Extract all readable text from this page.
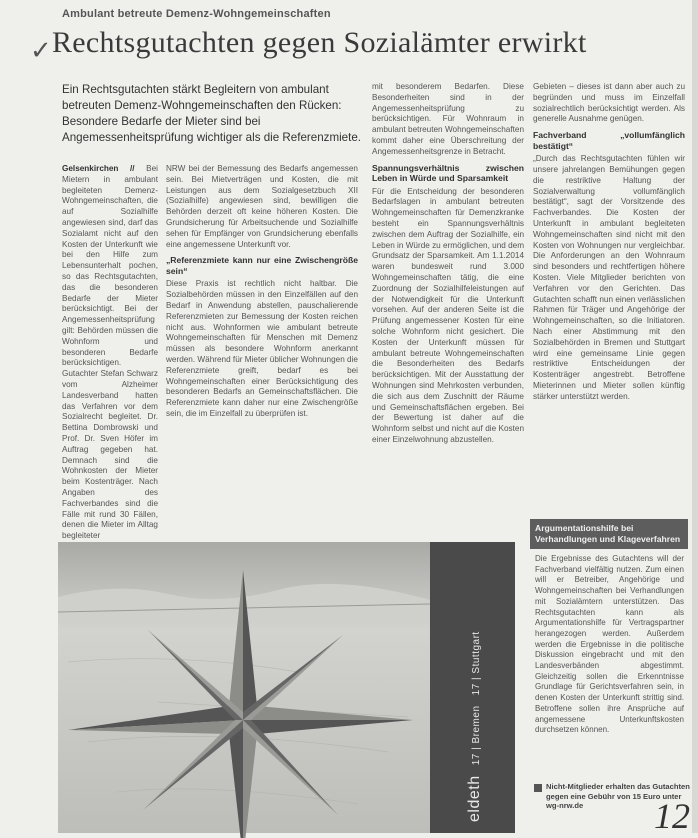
Ambulant betreute Demenz-Wohngemeinschaften
✓ Rechtsgutachten gegen Sozialämter erwirkt

Ein Rechtsgutachten stärkt Begleitern von ambulant betreuten Demenz-Wohngemeinschaften den Rücken: Besondere Bedarfe der Mieter sind bei Angemessenheitsprüfung wichtiger als die Referenzmiete.

Gelsenkirchen // Bei Mietern in ambulant begleiteten Demenz-Wohngemeinschaften, die auf Sozialhilfe angewiesen sind, darf das Sozialamt nicht auf den Kosten der Unterkunft wie bei den Hilfe zum Lebensunterhalt pochen, so das Rechtsgutachten, das die besonderen Bedarfe der Mieter berücksichtigt. Bei der Angemessenheitsprüfung gilt: Behörden müssen die Wohnform und besonderen Bedarfe berücksichtigen. Gutachter Stefan Schwarz vom Alzheimer Landesverband hatten das Verfahren vor dem Sozialrecht begleitet. Dr. Bettina Dombrowski und Prof. Dr. Sven Höfer im Auftrag gegeben hat. Demnach sind die Wohnkosten der Mieter beim Kostenträger. Nach Angaben des Fachverbandes sind die Fälle mit rund 30 Fällen, denen die Mieter im Alltag begleiteter

NRW bei der Bemessung des Bedarfs angemessen sein. Bei Mietverträgen und Kosten, die mit Leistungen aus dem Sozialgesetzbuch XII (Sozialhilfe) angewiesen sind, bewilligen die Behörden derzeit oft keine höheren Kosten. Die Grundsicherung für Arbeitsuchende und Sozialhilfe sehen für Empfänger von Grundsicherung ebenfalls eine angemessene Unterkunft vor.

„Referenzmiete kann nur eine Zwischengröße sein“

Diese Praxis ist rechtlich nicht haltbar. Die Sozialbehörden müssen in den Einzelfällen auf den Bedarf in Anwendung abstellen, pauschalierende Referenzmieten zur Bemessung der Kosten reichen nicht aus. Wohnformen wie ambulant betreute Wohngemeinschaften für Menschen mit Demenz müssen als besondere Wohnform anerkannt werden. Während für Mieter üblicher Wohnungen die Referenzmiete greift, bedarf es bei Wohngemeinschaften einer Berücksichtigung des besonderen Bedarfs an Gemeinschaftsflächen. Die Referenzmiete kann daher nur eine Zwischengröße sein, die im Einzelfall zu überprüfen ist.

mit besonderem Bedarfen. Diese Besonderheiten sind in der Angemessenheitsprüfung zu berücksichtigen. Für Wohnraum in ambulant betreuten Wohngemeinschaften kommt daher eine Überschreitung der Angemessenheitsgrenze in Betracht.

Spannungsverhältnis zwischen Leben in Würde und Sparsamkeit

Für die Entscheidung der besonderen Bedarfslagen in ambulant betreuten Wohngemeinschaften für Demenzkranke besteht ein Spannungsverhältnis zwischen dem Auftrag der Sozialhilfe, ein Leben in Würde zu ermöglichen, und dem Grundsatz der Sparsamkeit. Am 1.1.2014 waren bundesweit rund 3.000 Wohngemeinschaften tätig, die eine Zuordnung der Sozialhilfeleistungen auf der Notwendigkeit für die Unterkunft vorsehen. Auf der anderen Seite ist die Prüfung angemessener Kosten für eine solche Wohnform nicht gesichert. Die Kosten der Unterkunft müssen für ambulant betreute Wohngemeinschaften die Besonderheiten des Bedarfs berücksichtigen. Mit der Ausstattung der Wohnungen sind Mehrkosten verbunden, die sich aus dem Zuschnitt der Räume und Gemeinschaftsflächen ergeben. Bei der Bewertung ist daher auf die Wohnform selbst und nicht auf die Kosten einer Einzelwohnung abzustellen.

Gebieten – dieses ist dann aber auch zu begründen und muss im Einzelfall sozialrechtlich berücksichtigt werden. Als generelle Ausnahme genügen.

Fachverband „vollumfänglich bestätigt“

„Durch das Rechtsgutachten fühlen wir unsere jahrelangen Bemühungen gegen die restriktive Haltung der Sozialverwaltung vollumfänglich bestätigt“, sagt der Vorsitzende des Fachverbandes. Die Kosten der Unterkunft in ambulant begleiteten Wohngemeinschaften sind nicht mit den Kosten von Wohnungen nur vergleichbar. Die Anforderungen an den Wohnraum sind besonders und rechtfertigen höhere Kosten. Viele Mitglieder berichten von Verfahren vor den Gerichten. Das Gutachten schafft nun einen verlässlichen Rahmen für Träger und Angehörige der Wohngemeinschaften, so die Initiatoren. Nach einer Abstimmung mit den Sozialbehörden in Bremen und Stuttgart wird eine gemeinsame Linie gegen restriktive Entscheidungen der Kostenträger angestrebt. Betroffene Mieterinnen und Mieter sollen künftig stärker unterstützt werden.

eldeth 17 | Bremen 17 | Stuttgart
Argumentationshilfe bei Verhandlungen und Klageverfahren
Die Ergebnisse des Gutachtens will der Fachverband vielfältig nutzen. Zum einen will er Betreiber, Angehörige und Wohngemeinschaften bei Verhandlungen mit Sozialämtern unterstützen. Das Rechtsgutachten kann als Argumentationshilfe für Vertragspartner herangezogen werden. Außerdem werden die Ergebnisse in die politische Diskussion eingebracht und mit den Landesverbänden abgestimmt. Gleichzeitig sollen die Erkenntnisse Grundlage für Gerichtsverfahren sein, in denen Kosten der Unterkunft strittig sind. Betroffene sollen ihre Ansprüche auf angemessene Unterkunftskosten durchsetzen können.
Nicht-Mitglieder erhalten das Gutachten gegen eine Gebühr von 15 Euro unter wg-nrw.de	12
